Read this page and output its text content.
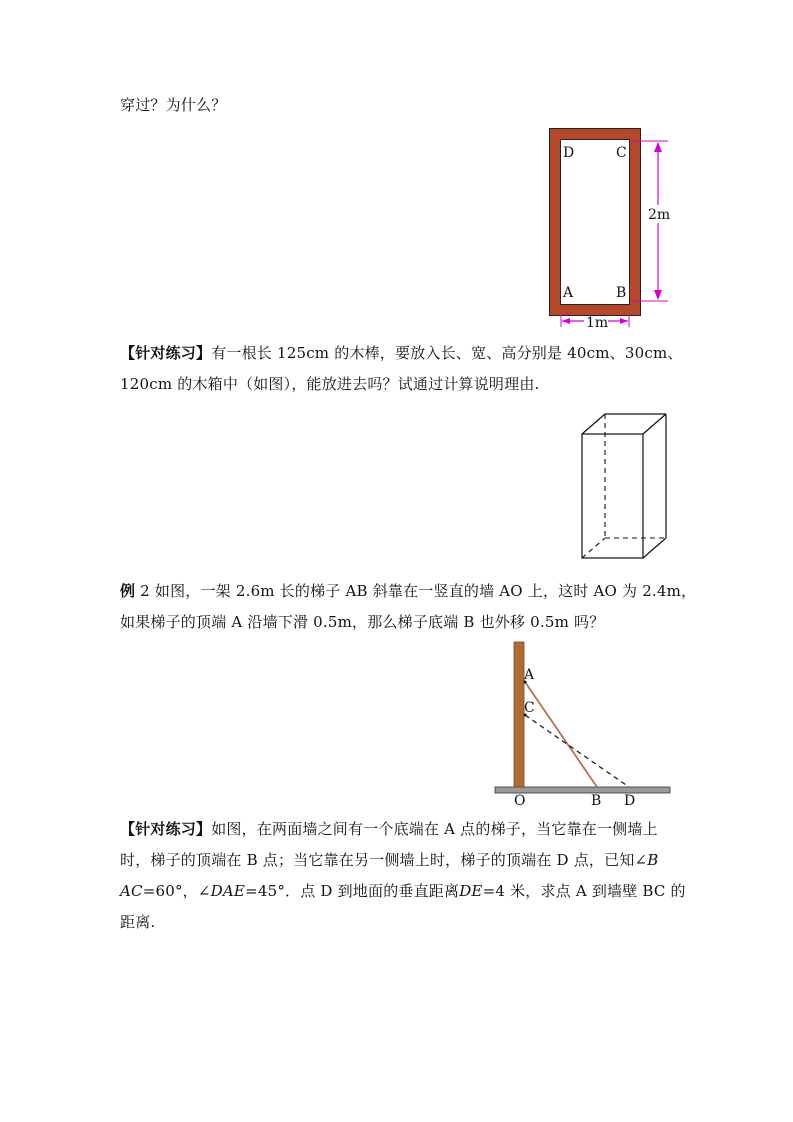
穿过？为什么？
D	C
A	B
2m
1m
【针对练习】有一根长 125cm 的木棒，要放入长、宽、高分别是 40cm、30cm、
120cm 的木箱中（如图），能放进去吗？试通过计算说明理由.
例 2 如图，一架 2.6m 长的梯子 AB 斜靠在一竖直的墙 AO 上，这时 AO 为 2.4m，
如果梯子的顶端 A 沿墙下滑 0.5m，那么梯子底端 B 也外移 0.5m 吗？
A
C
O	B D
【针对练习】如图，在两面墙之间有一个底端在 A 点的梯子，当它靠在一侧墙上
时，梯子的顶端在 B 点；当它靠在另一侧墙上时，梯子的顶端在 D 点，已知∠B
AC=60°，∠DAE=45°．点 D 到地面的垂直距离DE=4 米，求点 A 到墙壁 BC 的
距离.
